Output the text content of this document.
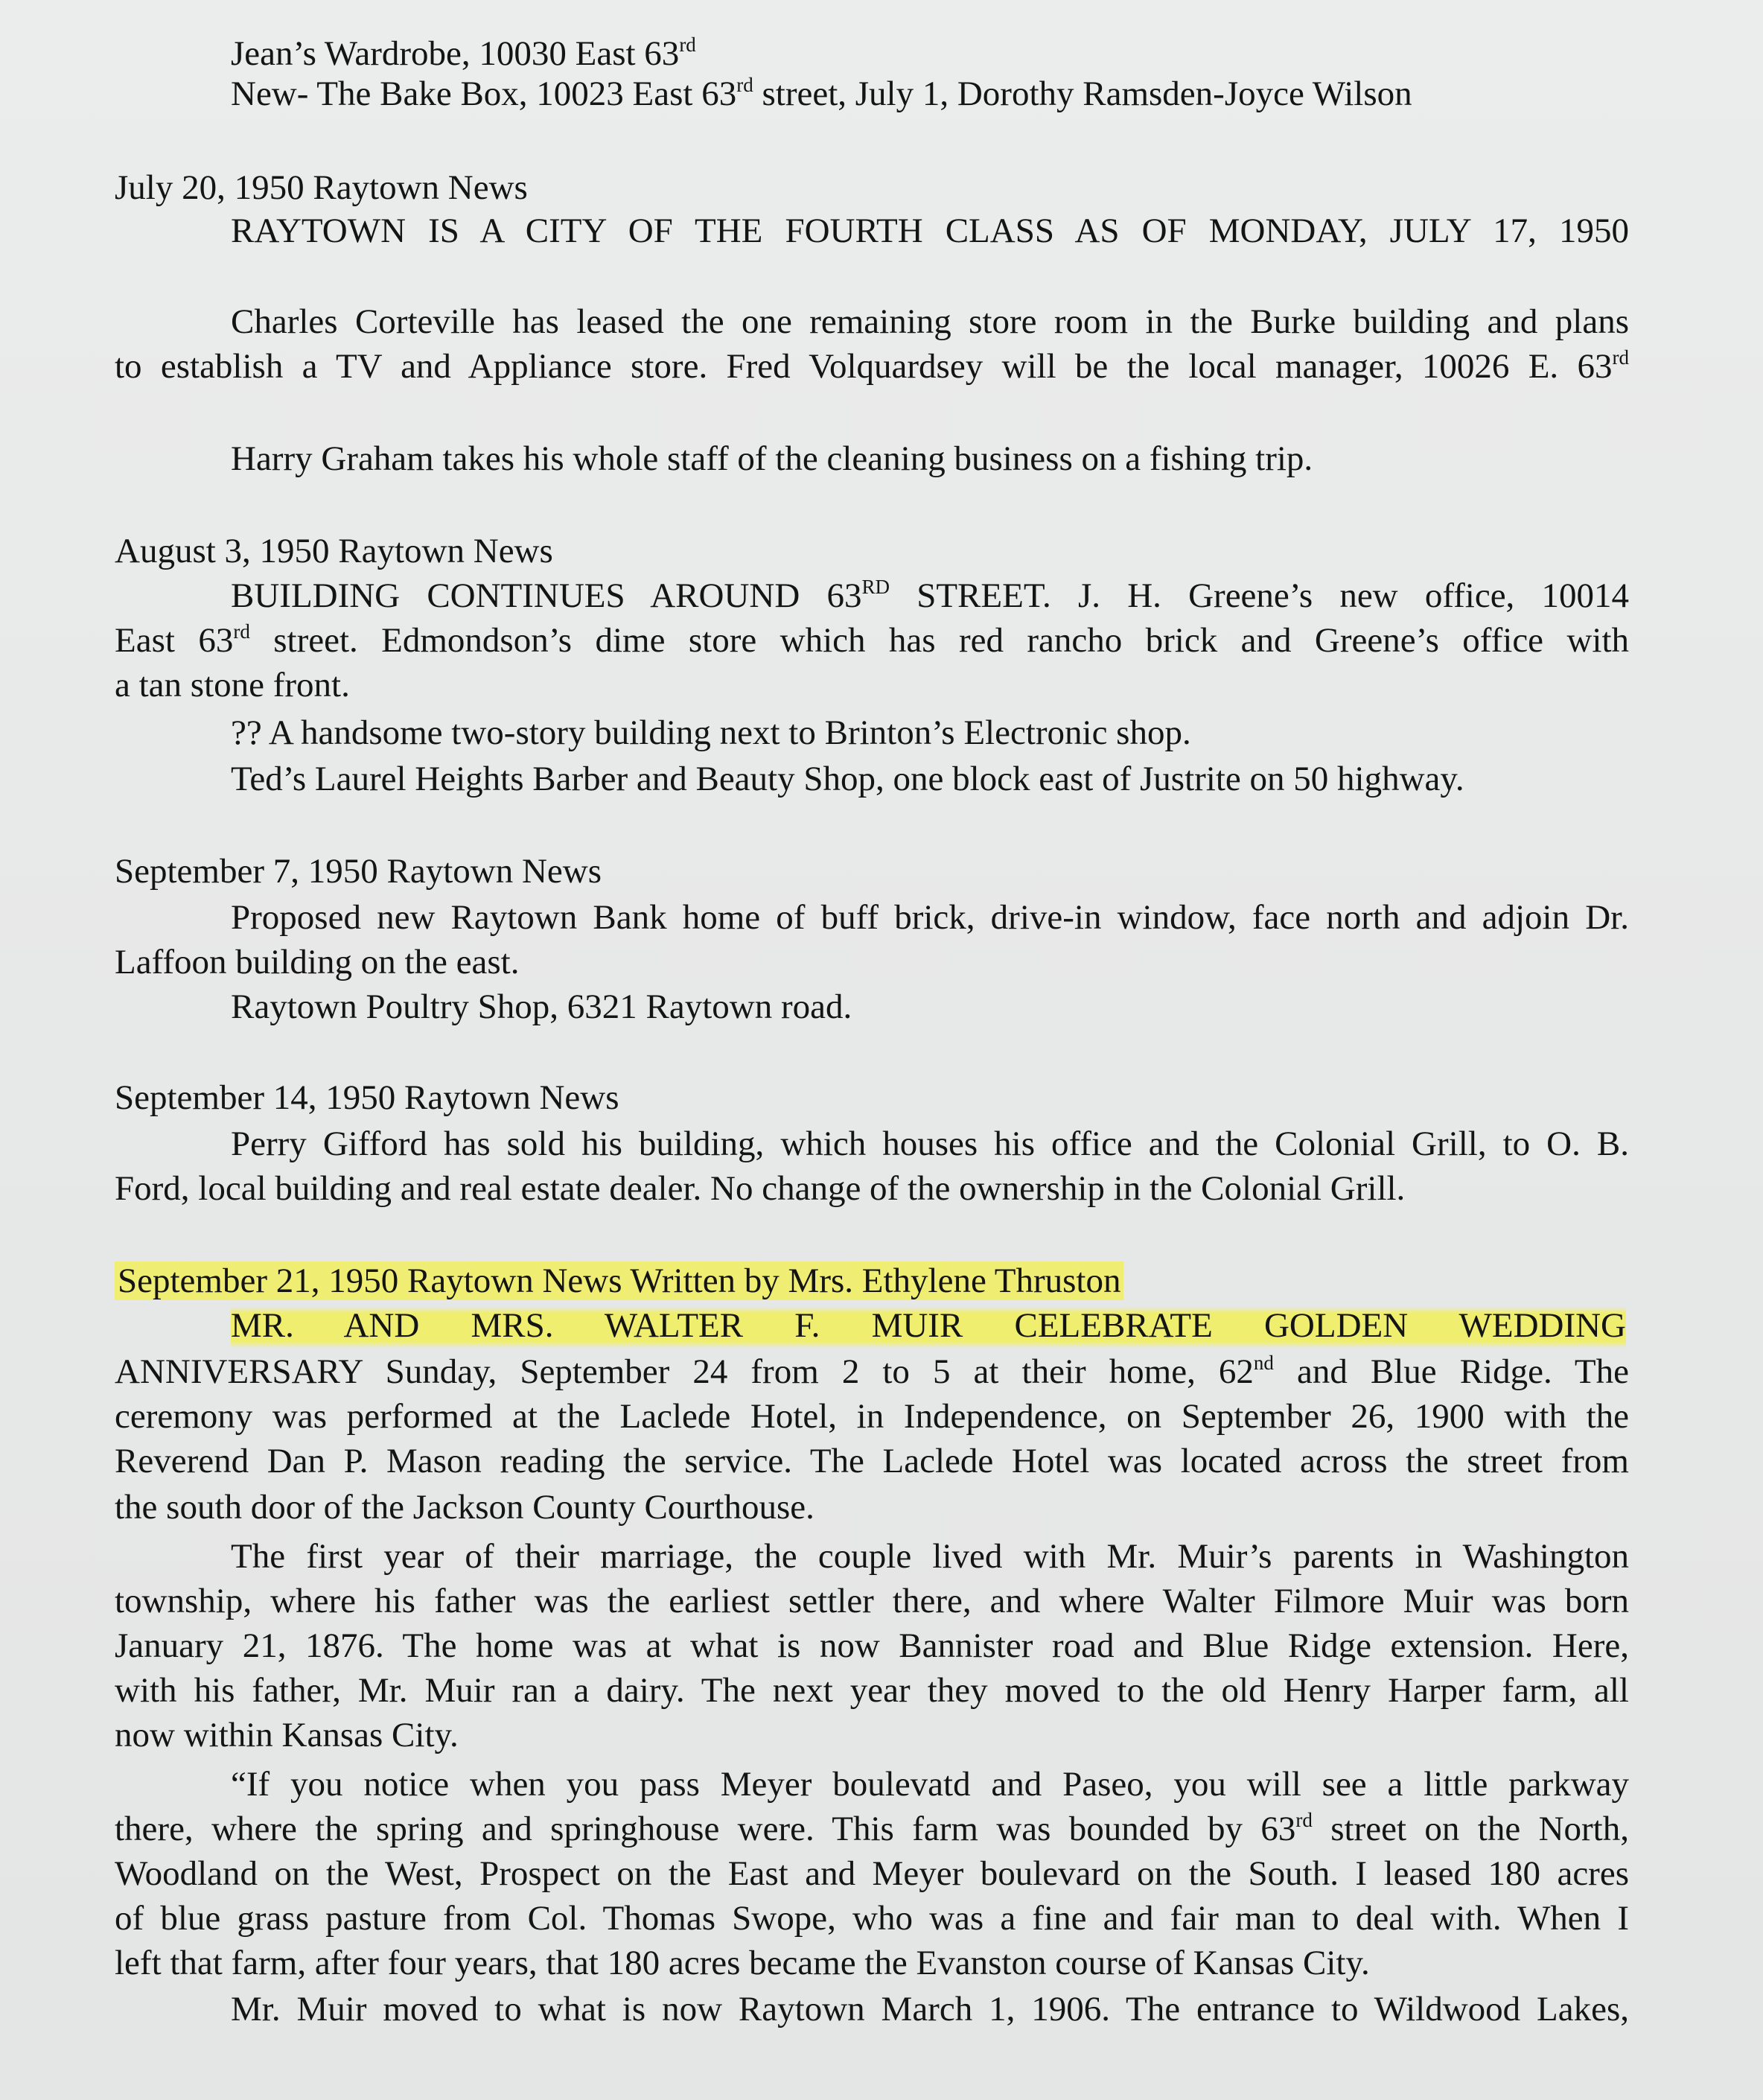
Jean’s Wardrobe, 10030 East 63rd
New- The Bake Box, 10023 East 63rd street, July 1, Dorothy Ramsden-Joyce Wilson
July 20, 1950 Raytown News
RAYTOWN IS A CITY OF THE FOURTH CLASS AS OF MONDAY, JULY 17, 1950
Charles Corteville has leased the one remaining store room in the Burke building and plans
to establish a TV and Appliance store. Fred Volquardsey will be the local manager, 10026 E. 63rd
Harry Graham takes his whole staff of the cleaning business on a fishing trip.
August 3, 1950 Raytown News
BUILDING CONTINUES AROUND 63RD STREET. J. H. Greene’s new office, 10014
East 63rd street. Edmondson’s dime store which has red rancho brick and Greene’s office with
a tan stone front.
?? A handsome two-story building next to Brinton’s Electronic shop.
Ted’s Laurel Heights Barber and Beauty Shop, one block east of Justrite on 50 highway.
September 7, 1950 Raytown News
Proposed new Raytown Bank home of buff brick, drive-in window, face north and adjoin Dr.
Laffoon building on the east.
Raytown Poultry Shop, 6321 Raytown road.
September 14, 1950 Raytown News
Perry Gifford has sold his building, which houses his office and the Colonial Grill, to O. B.
Ford, local building and real estate dealer. No change of the ownership in the Colonial Grill.
September 21, 1950 Raytown News Written by Mrs. Ethylene Thruston
MR. AND MRS. WALTER F. MUIR CELEBRATE GOLDEN WEDDING
ANNIVERSARY Sunday, September 24 from 2 to 5 at their home, 62nd and Blue Ridge. The
ceremony was performed at the Laclede Hotel, in Independence, on September 26, 1900 with the
Reverend Dan P. Mason reading the service. The Laclede Hotel was located across the street from
the south door of the Jackson County Courthouse.
The first year of their marriage, the couple lived with Mr. Muir’s parents in Washington
township, where his father was the earliest settler there, and where Walter Filmore Muir was born
January 21, 1876. The home was at what is now Bannister road and Blue Ridge extension. Here,
with his father, Mr. Muir ran a dairy. The next year they moved to the old Henry Harper farm, all
now within Kansas City.
“If you notice when you pass Meyer boulevatd and Paseo, you will see a little parkway
there, where the spring and springhouse were. This farm was bounded by 63rd street on the North,
Woodland on the West, Prospect on the East and Meyer boulevard on the South. I leased 180 acres
of blue grass pasture from Col. Thomas Swope, who was a fine and fair man to deal with. When I
left that farm, after four years, that 180 acres became the Evanston course of Kansas City.
Mr. Muir moved to what is now Raytown March 1, 1906. The entrance to Wildwood Lakes,
